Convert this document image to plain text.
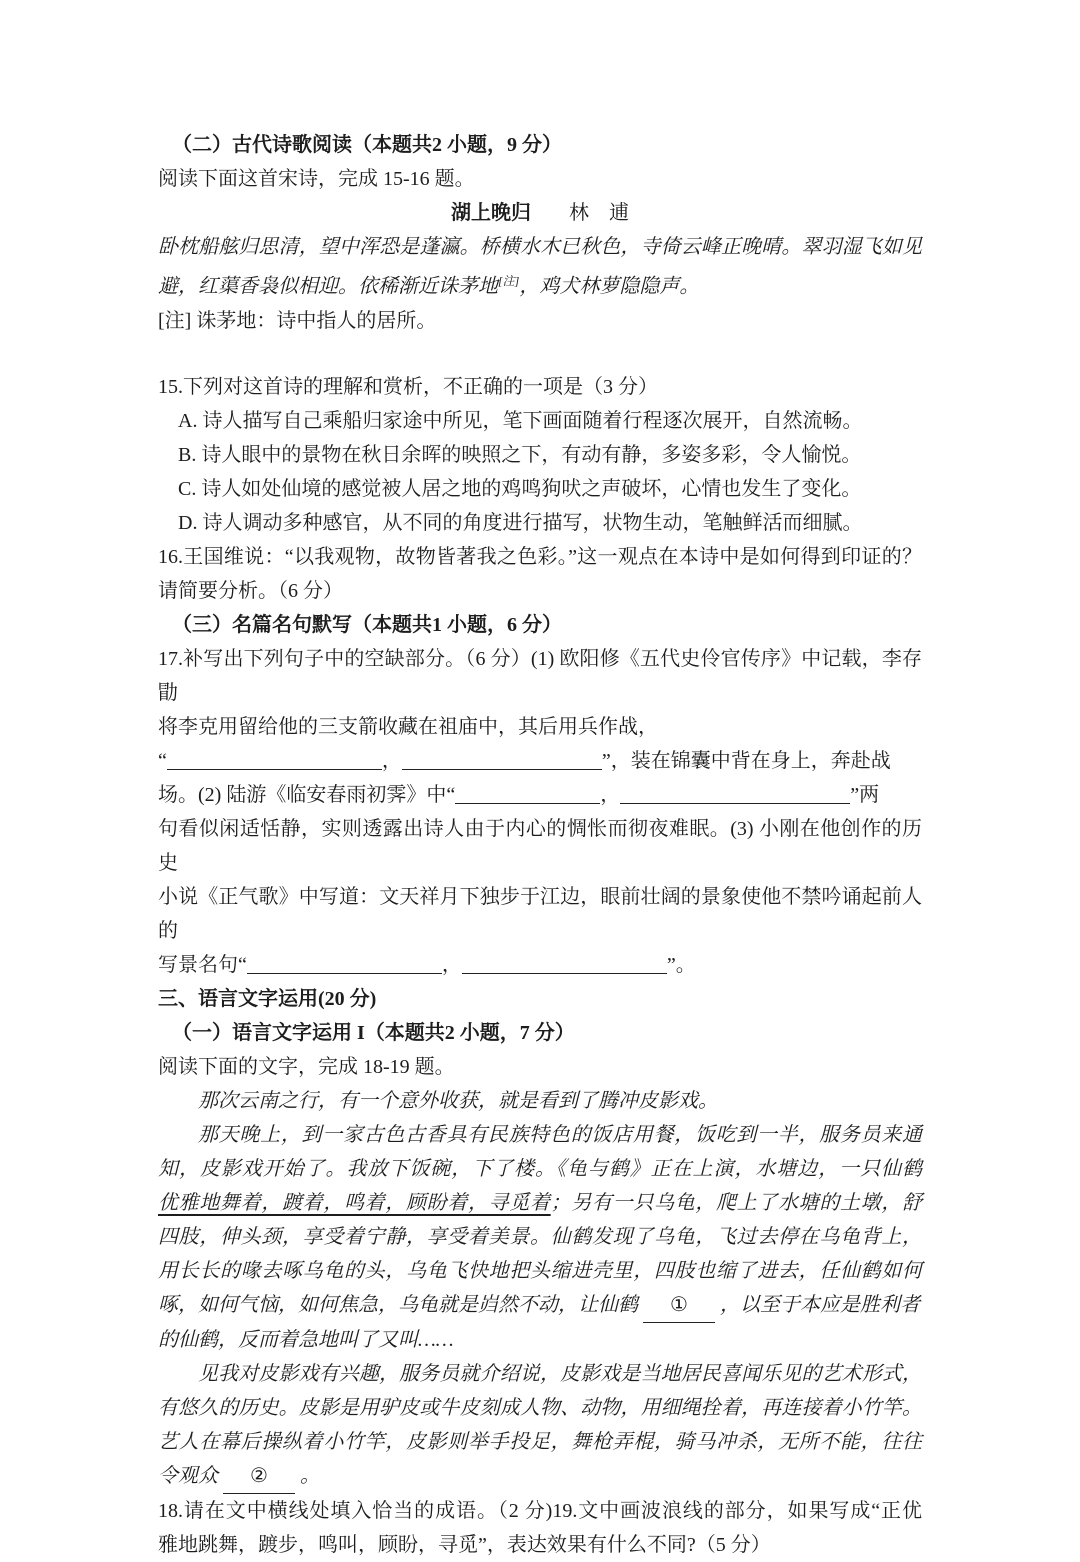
（二）古代诗歌阅读（本题共2 小题，9 分）
阅读下面这首宋诗，完成 15-16 题。
湖上晚归 林　逋
卧枕船舷归思清，望中浑恐是蓬瀛。桥横水木已秋色，寺倚云峰正晚晴。翠羽湿飞如见
避，红蕖香袅似相迎。依稀渐近诛茅地[注]，鸡犬林萝隐隐声。
[注] 诛茅地：诗中指人的居所。
15.下列对这首诗的理解和赏析，不正确的一项是（3 分）
A. 诗人描写自己乘船归家途中所见，笔下画面随着行程逐次展开，自然流畅。
B. 诗人眼中的景物在秋日余晖的映照之下，有动有静，多姿多彩，令人愉悦。
C. 诗人如处仙境的感觉被人居之地的鸡鸣狗吠之声破坏，心情也发生了变化。
D. 诗人调动多种感官，从不同的角度进行描写，状物生动，笔触鲜活而细腻。
16.王国维说：“以我观物，故物皆著我之色彩。”这一观点在本诗中是如何得到印证的？
请简要分析。（6 分）
（三）名篇名句默写（本题共1 小题，6 分）
17.补写出下列句子中的空缺部分。（6 分）(1) 欧阳修《五代史伶官传序》中记载，李存勖
将李克用留给他的三支箭收藏在祖庙中，其后用兵作战，
“	，	”，装在锦囊中背在身上，奔赴战
场。(2) 陆游《临安春雨初霁》中“	，	”两
句看似闲适恬静，实则透露出诗人由于内心的惆怅而彻夜难眠。(3) 小刚在他创作的历史
小说《正气歌》中写道：文天祥月下独步于江边，眼前壮阔的景象使他不禁吟诵起前人的
写景名句“	，	”。
三、语言文字运用(20 分)
（一）语言文字运用 I（本题共2 小题，7 分）
阅读下面的文字，完成 18-19 题。
那次云南之行，有一个意外收获，就是看到了腾冲皮影戏。
那天晚上，到一家古色古香具有民族特色的饭店用餐，饭吃到一半，服务员来通
知，皮影戏开始了。我放下饭碗，下了楼。《龟与鹤》正在上演，水塘边，一只仙鹤
优雅地舞着，踱着，鸣着，顾盼着，寻觅着；另有一只乌龟，爬上了水塘的土墩，舒
四肢，伸头颈，享受着宁静，享受着美景。仙鹤发现了乌龟，飞过去停在乌龟背上，
用长长的喙去啄乌龟的头，乌龟飞快地把头缩进壳里，四肢也缩了进去，任仙鹤如何
啄，如何气恼，如何焦急，乌龟就是岿然不动，让仙鹤 ① ，以至于本应是胜利者
的仙鹤，反而着急地叫了又叫……
见我对皮影戏有兴趣，服务员就介绍说，皮影戏是当地居民喜闻乐见的艺术形式，
有悠久的历史。皮影是用驴皮或牛皮刻成人物、动物，用细绳拴着，再连接着小竹竿。
艺人在幕后操纵着小竹竿，皮影则举手投足，舞枪弄棍，骑马冲杀，无所不能，往往
令观众 ② 。
18.请在文中横线处填入恰当的成语。（2 分)19.文中画波浪线的部分，如果写成“正优
雅地跳舞，踱步，鸣叫，顾盼，寻觅”，表达效果有什么不同?（5 分）
